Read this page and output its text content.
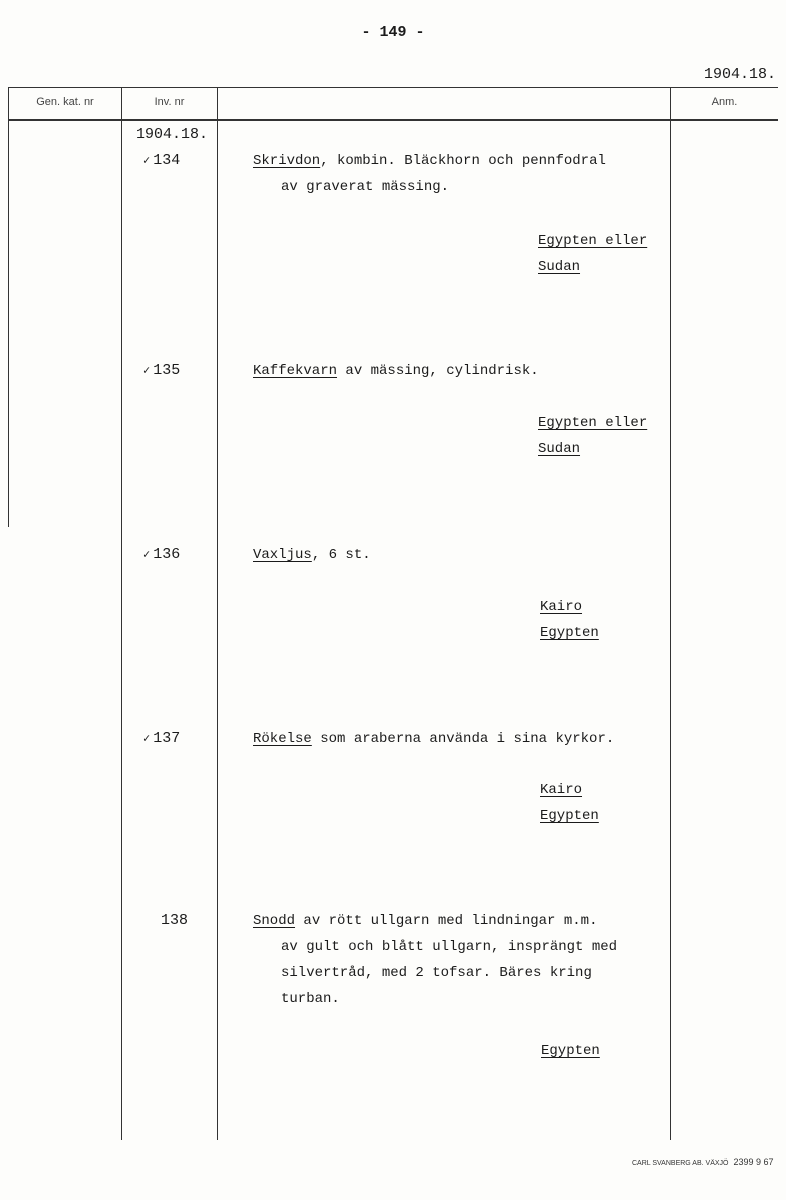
- 149 -
1904.18.
Gen. kat. nr	Inv. nr	Anm.
1904.18.
✓ 134	Skrivdon, kombin. Bläckhorn och pennfodral
av graverat mässing.
Egypten eller
Sudan
✓ 135	Kaffekvarn av mässing, cylindrisk.
Egypten eller
Sudan
✓ 136	Vaxljus, 6 st.
Kairo
Egypten
✓ 137	Rökelse som araberna använda i sina kyrkor.
Kairo
Egypten
138	Snodd av rött ullgarn med lindningar m.m.
av gult och blått ullgarn, insprängt med
silvertråd, med 2 tofsar. Bäres kring
turban.
Egypten
CARL SVANBERG AB. VÄXJÖ 2399 9 67
